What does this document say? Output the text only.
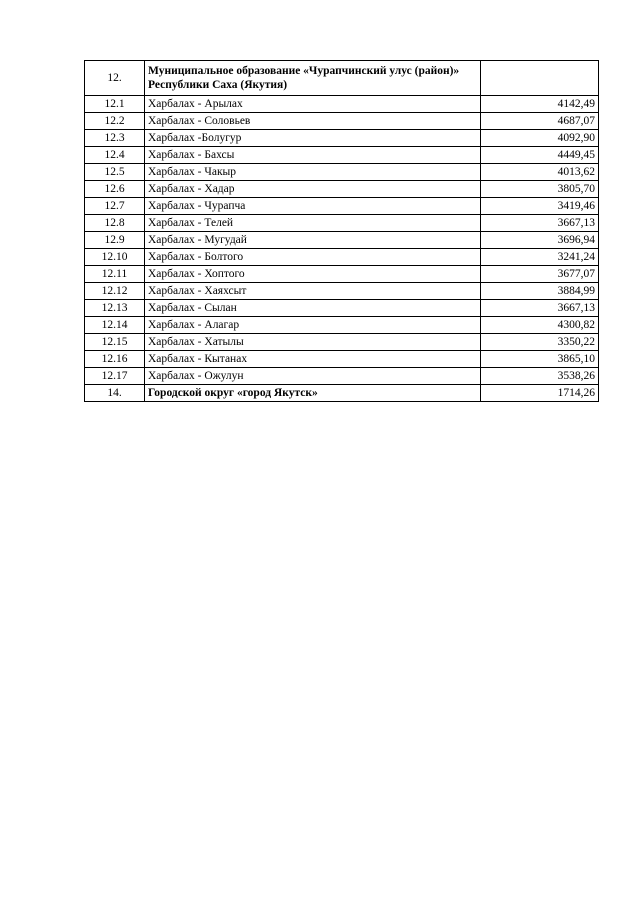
12.	Муниципальное образование «Чурапчинский улус (район)» Республики Саха (Якутия)	
12.1	Харбалах - Арылах	4142,49
12.2	Харбалах - Соловьев	4687,07
12.3	Харбалах -Болугур	4092,90
12.4	Харбалах - Бахсы	4449,45
12.5	Харбалах - Чакыр	4013,62
12.6	Харбалах - Хадар	3805,70
12.7	Харбалах - Чурапча	3419,46
12.8	Харбалах - Телей	3667,13
12.9	Харбалах - Мугудай	3696,94
12.10	Харбалах - Болтого	3241,24
12.11	Харбалах - Хоптого	3677,07
12.12	Харбалах - Хаяхсыт	3884,99
12.13	Харбалах - Сылан	3667,13
12.14	Харбалах - Алагар	4300,82
12.15	Харбалах - Хатылы	3350,22
12.16	Харбалах - Кытанах	3865,10
12.17	Харбалах - Ожулун	3538,26
14.	Городской округ «город Якутск»	1714,26
